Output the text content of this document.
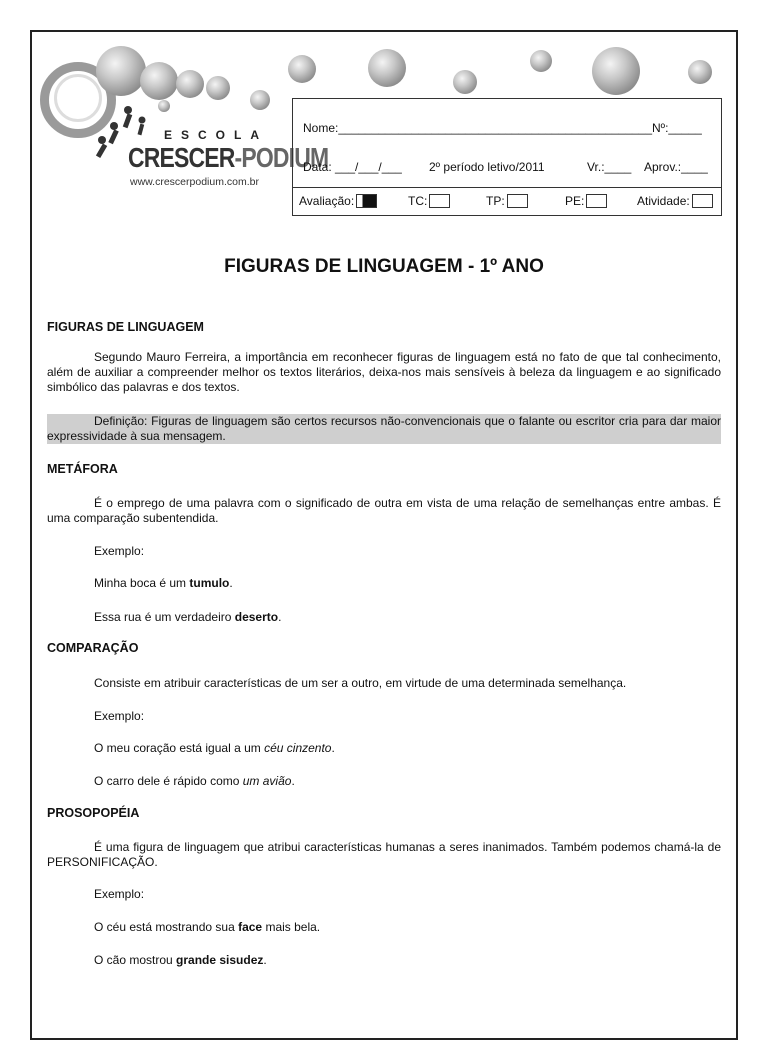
ESCOLA
CRESCER-PODIUM
www.crescerpodium.com.br
Nome:_______________________________________________Nº:_____
Data: ___/___/___ 2º período letivo/2011	Vr.:____ Aprov.:____
Avaliação:	TC:	TP:	PE:	Atividade:
FIGURAS DE LINGUAGEM - 1º ANO
FIGURAS DE LINGUAGEM
Segundo Mauro Ferreira, a importância em reconhecer figuras de linguagem está no fato de que tal conhecimento, além de auxiliar a compreender melhor os textos literários, deixa-nos mais sensíveis à beleza da linguagem e ao significado simbólico das palavras e dos textos.
Definição: Figuras de linguagem são certos recursos não-convencionais que o falante ou escritor cria para dar maior expressividade à sua mensagem.
METÁFORA
É o emprego de uma palavra com o significado de outra em vista de uma relação de semelhanças entre ambas. É uma comparação subentendida.
Exemplo:
Minha boca é um tumulo.
Essa rua é um verdadeiro deserto.
COMPARAÇÃO
Consiste em atribuir características de um ser a outro, em virtude de uma determinada semelhança.
Exemplo:
O meu coração está igual a um céu cinzento.
O carro dele é rápido como um avião.
PROSOPOPÉIA
É uma figura de linguagem que atribui características humanas a seres inanimados. Também podemos chamá-la de PERSONIFICAÇÃO.
Exemplo:
O céu está mostrando sua face mais bela.
O cão mostrou grande sisudez.
